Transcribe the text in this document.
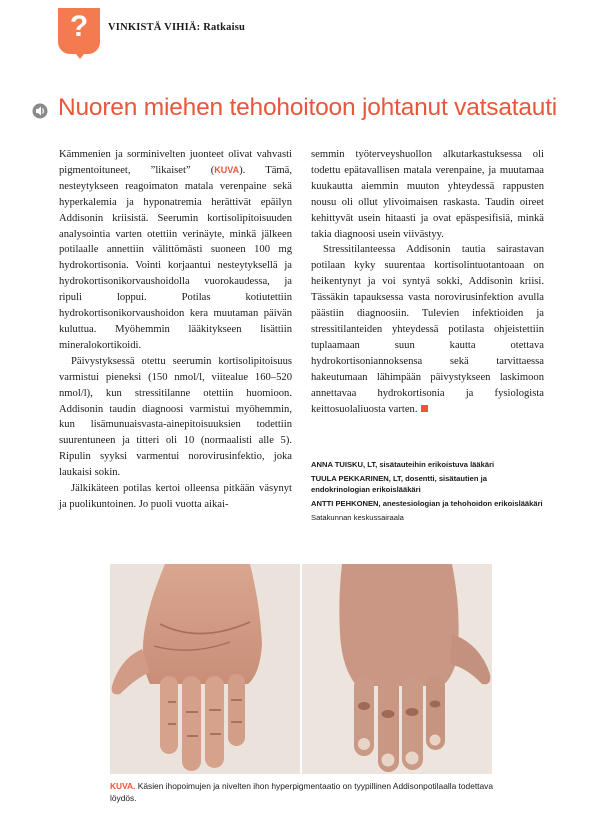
?	VINKISTÄ VIHIÄ: Ratkaisu
Nuoren miehen tehohoitoon johtanut vatsatauti

Kämmenien ja sorminivelten juonteet olivat vahvasti pigmentoituneet, ”likaiset” (KUVA). Tämä, nesteytykseen reagoimaton matala verenpaine sekä hyperkalemia ja hyponatremia herättivät epäilyn Addisonin kriisistä. Seerumin kortisolipitoisuuden analysointia varten otettiin verinäyte, minkä jälkeen potilaalle annettiin välittömästi suoneen 100 mg hydrokortisonia. Vointi korjaantui nesteytyksellä ja hydrokortisonikorvaushoidolla vuorokaudessa, ja ripuli loppui. Potilas kotiutettiin hydrokortisonikorvaushoidon kera muutaman päivän kuluttua. Myöhemmin lääkitykseen lisättiin mineralokortikoidi.

Päivystyksessä otettu seerumin kortisolipitoisuus varmistui pieneksi (150 nmol/l, viitealue 160–520 nmol/l), kun stressitilanne otettiin huomioon. Addisonin taudin diagnoosi varmistui myöhemmin, kun lisämunuaisvasta-ainepitoisuuksien todettiin suurentuneen ja titteri oli 10 (normaalisti alle 5). Ripulin syyksi varmentui norovirusinfektio, joka laukaisi sokin.

Jälkikäteen potilas kertoi olleensa pitkään väsynyt ja puolikuntoinen. Jo puoli vuotta aikai-

semmin työterveyshuollon alkutarkastuksessa oli todettu epätavallisen matala verenpaine, ja muutamaa kuukautta aiemmin muuton yhteydessä rappusten nousu oli ollut ylivoimaisen raskasta. Taudin oireet kehittyvät usein hitaasti ja ovat epäspesifisiä, minkä takia diagnoosi usein viivästyy.

Stressitilanteessa Addisonin tautia sairastavan potilaan kyky suurentaa kortisolintuotantoaan on heikentynyt ja voi syntyä sokki, Addisonin kriisi. Tässäkin tapauksessa vasta norovirusinfektion avulla päästiin diagnoosiin. Tulevien infektioiden ja stressitilanteiden yhteydessä potilasta ohjeistettiin tuplaamaan suun kautta otettava hydrokortisoniannoksensa sekä tarvittaessa hakeutumaan lähimpään päivystykseen laskimoon annettavaa hydrokortisonia ja fysiologista keittosuolaliuosta varten.

ANNA TUISKU, LT, sisätauteihin erikoistuva lääkäri
TUULA PEKKARINEN, LT, dosentti, sisätautien ja endokrinologian erikoislääkäri
ANTTI PEHKONEN, anestesiologian ja tehohoidon erikoislääkäri
Satakunnan keskussairaala
KUVA. Käsien ihopoimujen ja nivelten ihon hyperpigmentaatio on tyypillinen Addisonpotilaalla todettava löydös.
